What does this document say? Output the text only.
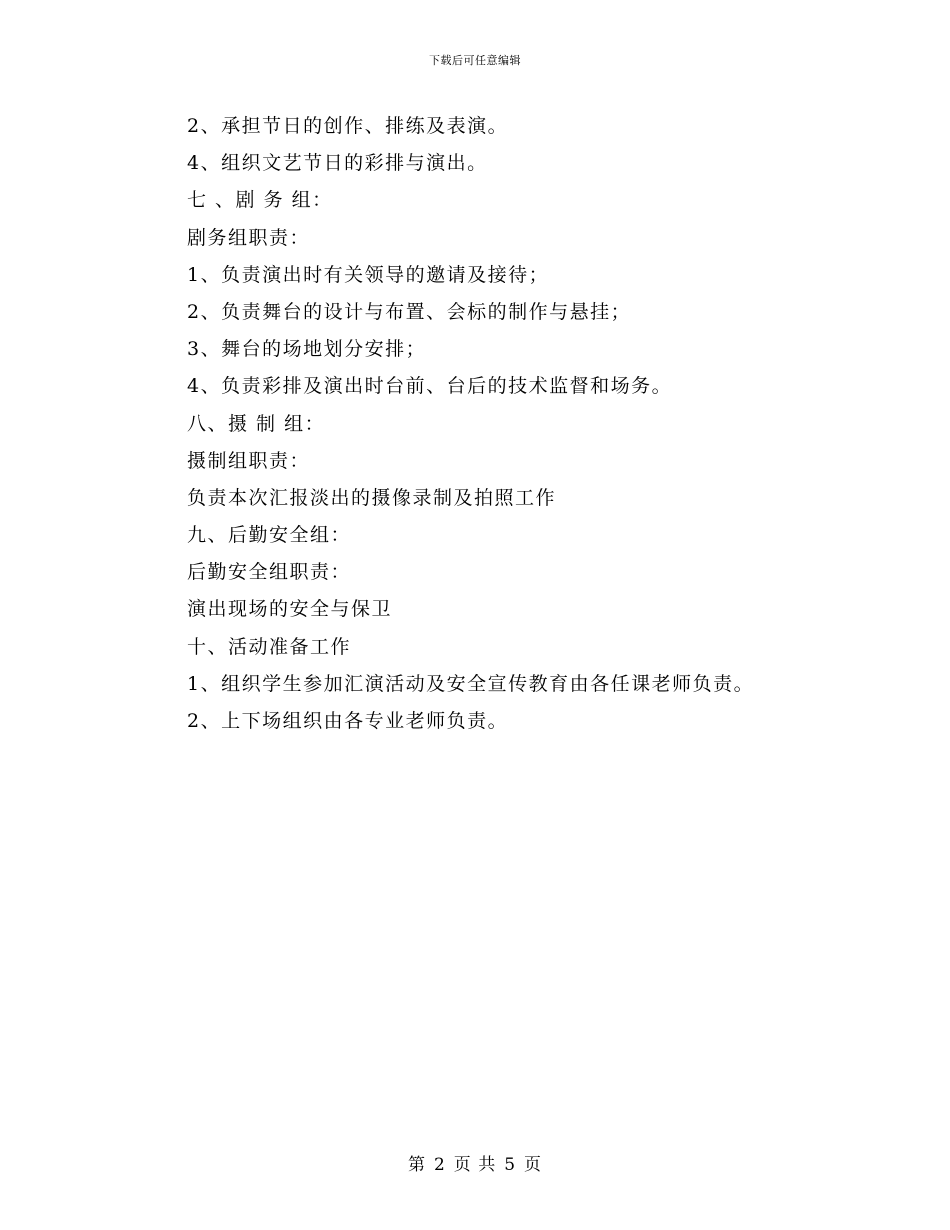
下载后可任意编辑
2、承担节日的创作、排练及表演。
4、组织文艺节日的彩排与演出。
七 、剧 务 组：
剧务组职责：
1、负责演出时有关领导的邀请及接待；
2、负责舞台的设计与布置、会标的制作与悬挂；
3、舞台的场地划分安排；
4、负责彩排及演出时台前、台后的技术监督和场务。
八、摄 制 组：
摄制组职责：
负责本次汇报淡出的摄像录制及拍照工作
九、后勤安全组：
后勤安全组职责：
演出现场的安全与保卫
十、活动准备工作
1、组织学生参加汇演活动及安全宣传教育由各任课老师负责。
2、上下场组织由各专业老师负责。
第 2 页 共 5 页
